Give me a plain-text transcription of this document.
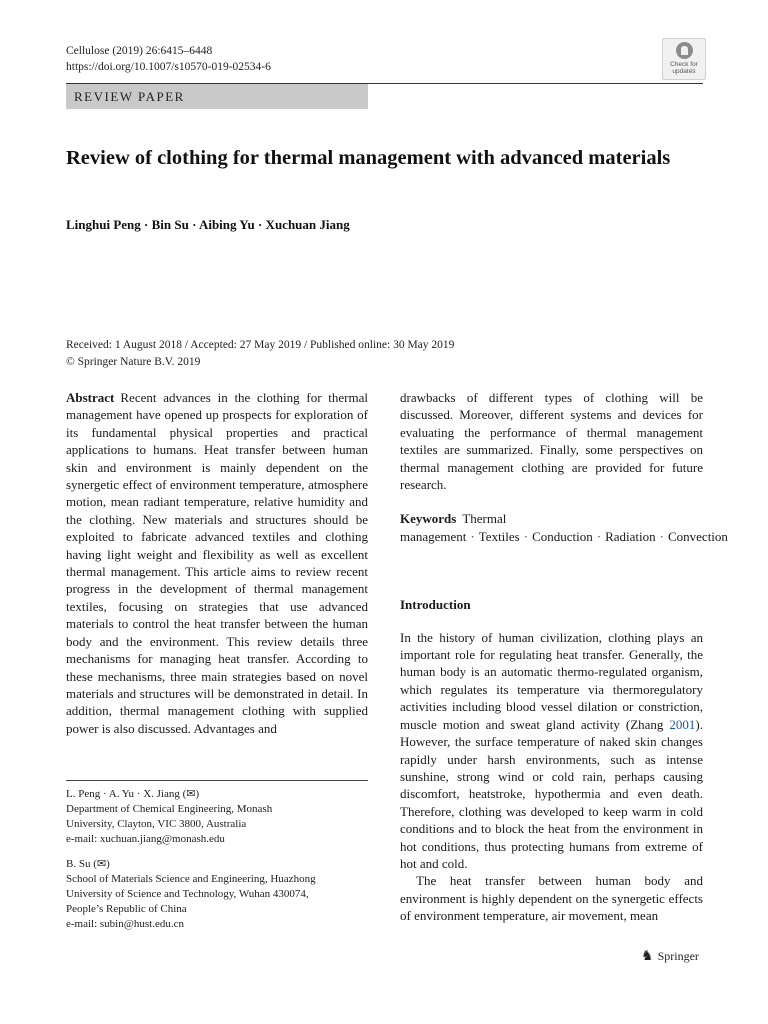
Cellulose (2019) 26:6415–6448
https://doi.org/10.1007/s10570-019-02534-6	Check for
updates
REVIEW PAPER
Review of clothing for thermal management with advanced materials
Linghui Peng · Bin Su · Aibing Yu · Xuchuan Jiang
Received: 1 August 2018 / Accepted: 27 May 2019 / Published online: 30 May 2019
© Springer Nature B.V. 2019

Abstract Recent advances in the clothing for thermal management have opened up prospects for exploration of its fundamental physical properties and practical applications to humans. Heat transfer between human skin and environment is mainly dependent on the synergetic effect of environment temperature, atmosphere motion, mean radiant temperature, relative humidity and the clothing. New materials and structures should be exploited to fabricate advanced textiles and clothing having light weight and flexibility as well as excellent thermal management. This article aims to review recent progress in the development of thermal management textiles, focusing on strategies that use advanced materials to control the heat transfer between the human body and the environment. This review details three mechanisms for managing heat transfer. According to these mechanisms, three main strategies based on novel materials and structures will be demonstrated in detail. In addition, thermal management clothing with supplied power is also discussed. Advantages and

drawbacks of different types of clothing will be discussed. Moreover, different systems and devices for evaluating the performance of thermal management textiles are summarized. Finally, some perspectives on thermal management clothing are provided for future research.

Keywords Thermal management · Textiles · Conduction · Radiation · Convection
Introduction

In the history of human civilization, clothing plays an important role for regulating heat transfer. Generally, the human body is an automatic thermo-regulated organism, which regulates its temperature via thermoregulatory activities including blood vessel dilation or constriction, muscle motion and sweat gland activity (Zhang 2001). However, the surface temperature of naked skin changes rapidly under harsh environments, such as intense sunshine, strong wind or cold rain, perhaps causing discomfort, heatstroke, hypothermia and even death. Therefore, clothing was developed to keep warm in cold conditions and to block the heat from the environment in hot conditions, thus protecting humans from extreme of hot and cold.

The heat transfer between human body and environment is highly dependent on the synergetic effects of environment temperature, air movement, mean

L. Peng · A. Yu · X. Jiang (✉)
Department of Chemical Engineering, Monash
University, Clayton, VIC 3800, Australia
e-mail: xuchuan.jiang@monash.edu
B. Su (✉)
School of Materials Science and Engineering, Huazhong
University of Science and Technology, Wuhan 430074,
People’s Republic of China
e-mail: subin@hust.edu.cn
♞ Springer
